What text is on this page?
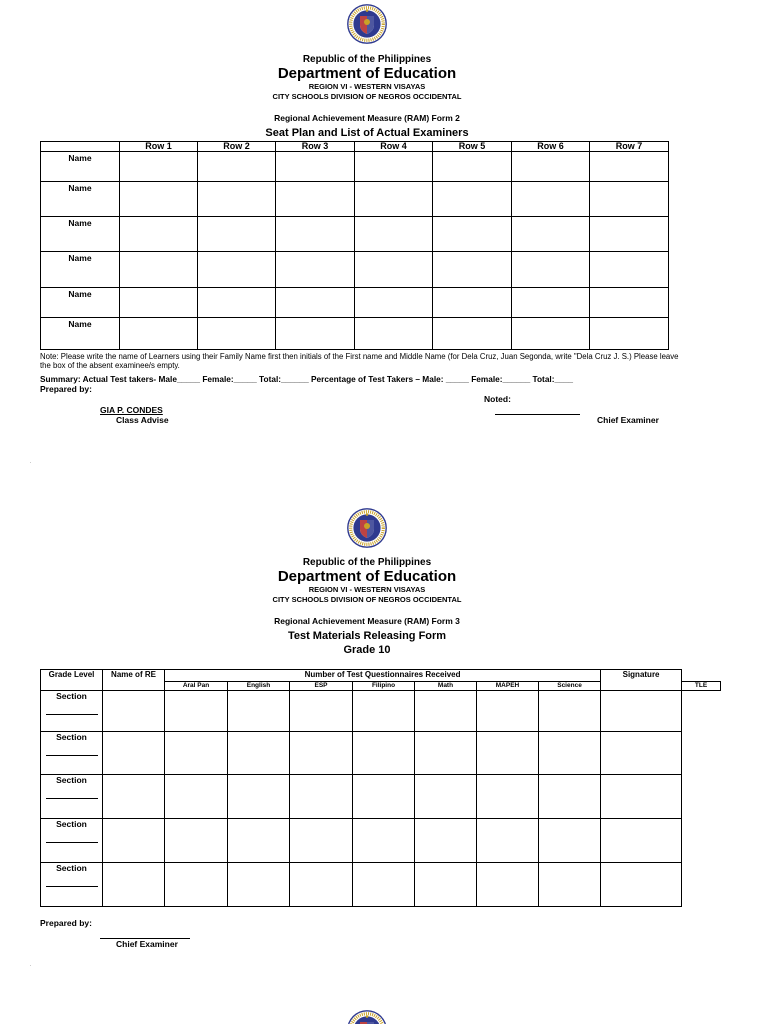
Republic of the Philippines
Department of Education
REGION VI - WESTERN VISAYAS
CITY SCHOOLS DIVISION OF NEGROS OCCIDENTAL
Regional Achievement Measure (RAM) Form 2
Seat Plan and List of Actual Examiners
	Row 1	Row 2	Row 3	Row 4	Row 5	Row 6	Row 7
Name							
Name							
Name							
Name							
Name							
Name							
Note: Please write the name of Learners using their Family Name first then initials of the First name and Middle Name (for Dela Cruz, Juan Segonda, write "Dela Cruz J. S.) Please leave the box of the absent examinee/s empty.
Summary: Actual Test takers- Male_____ Female:_____ Total:______ Percentage of Test Takers – Male: _____ Female:______ Total:____
Prepared by:
Noted:
GIA P. CONDES
Class Advise	Chief Examiner
Republic of the Philippines
Department of Education
REGION VI - WESTERN VISAYAS
CITY SCHOOLS DIVISION OF NEGROS OCCIDENTAL
Regional Achievement Measure (RAM) Form 3
Test Materials Releasing Form
Grade 10
Grade Level	Name of RE	Number of Test Questionnaires Received							Signature	
		Aral Pan	English	ESP	Filipino	Math	MAPEH	Science		TLE
Section	

Section	

Section	

Section	

Section	

Prepared by:
Chief Examiner
